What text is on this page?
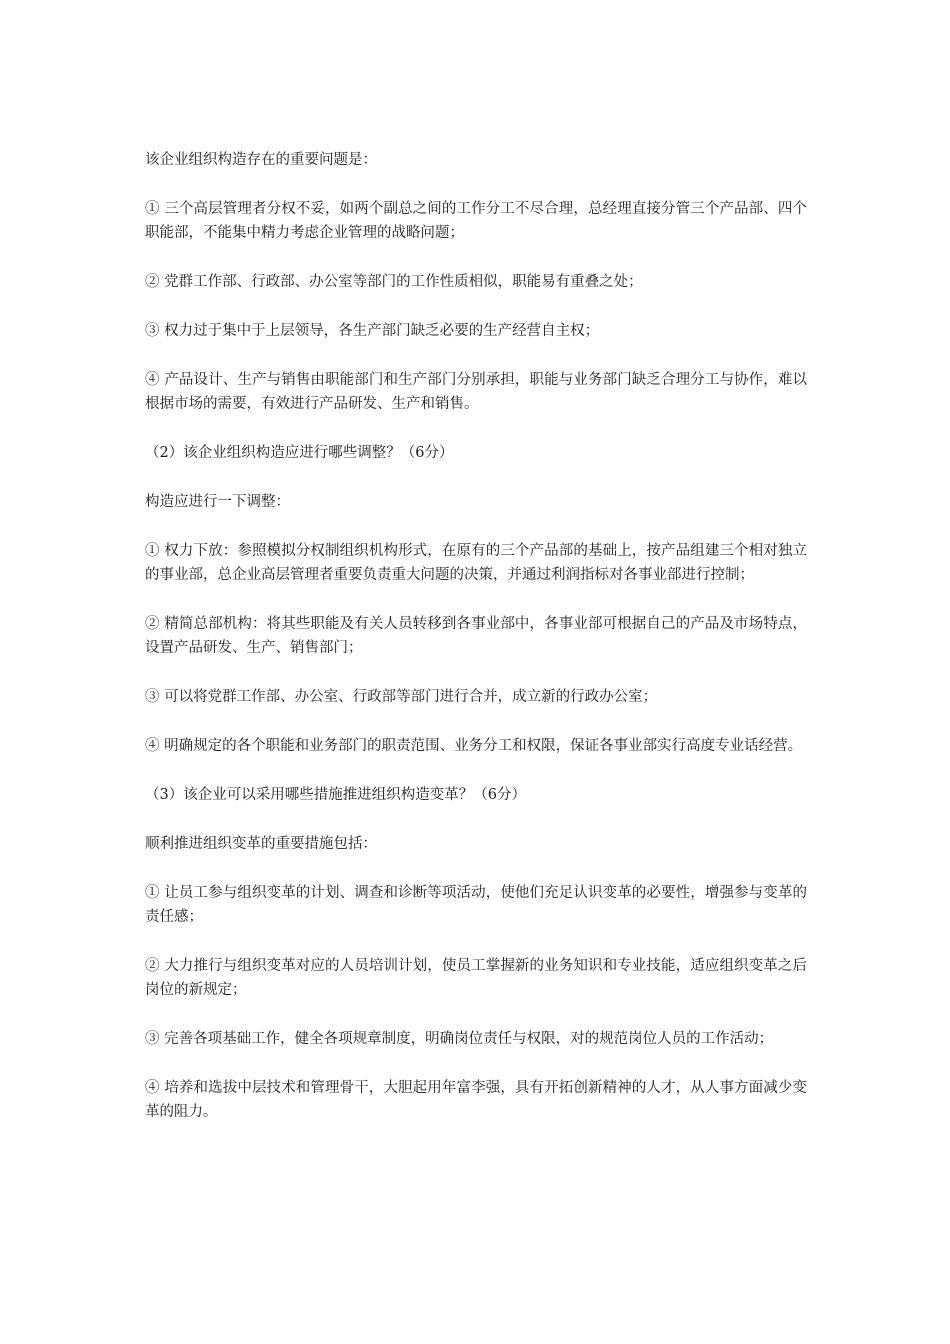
该企业组织构造存在的重要问题是：

① 三个高层管理者分权不妥，如两个副总之间的工作分工不尽合理，总经理直接分管三个产品部、四个职能部，不能集中精力考虑企业管理的战略问题；

② 党群工作部、行政部、办公室等部门的工作性质相似，职能易有重叠之处；

③ 权力过于集中于上层领导，各生产部门缺乏必要的生产经营自主权；

④ 产品设计、生产与销售由职能部门和生产部门分别承担，职能与业务部门缺乏合理分工与协作，难以根据市场的需要，有效进行产品研发、生产和销售。

（2）该企业组织构造应进行哪些调整？（6分）

构造应进行一下调整：

① 权力下放：参照模拟分权制组织机构形式，在原有的三个产品部的基础上，按产品组建三个相对独立的事业部，总企业高层管理者重要负责重大问题的决策，并通过利润指标对各事业部进行控制；

② 精简总部机构：将其些职能及有关人员转移到各事业部中，各事业部可根据自己的产品及市场特点，设置产品研发、生产、销售部门；

③ 可以将党群工作部、办公室、行政部等部门进行合并，成立新的行政办公室；

④ 明确规定的各个职能和业务部门的职责范围、业务分工和权限，保证各事业部实行高度专业话经营。

（3）该企业可以采用哪些措施推进组织构造变革？（6分）

顺利推进组织变革的重要措施包括：

① 让员工参与组织变革的计划、调查和诊断等项活动，使他们充足认识变革的必要性，增强参与变革的责任感；

② 大力推行与组织变革对应的人员培训计划，使员工掌握新的业务知识和专业技能，适应组织变革之后岗位的新规定；

③ 完善各项基础工作，健全各项规章制度，明确岗位责任与权限，对的规范岗位人员的工作活动；

④ 培养和选拔中层技术和管理骨干，大胆起用年富李强，具有开拓创新精神的人才，从人事方面减少变革的阻力。
